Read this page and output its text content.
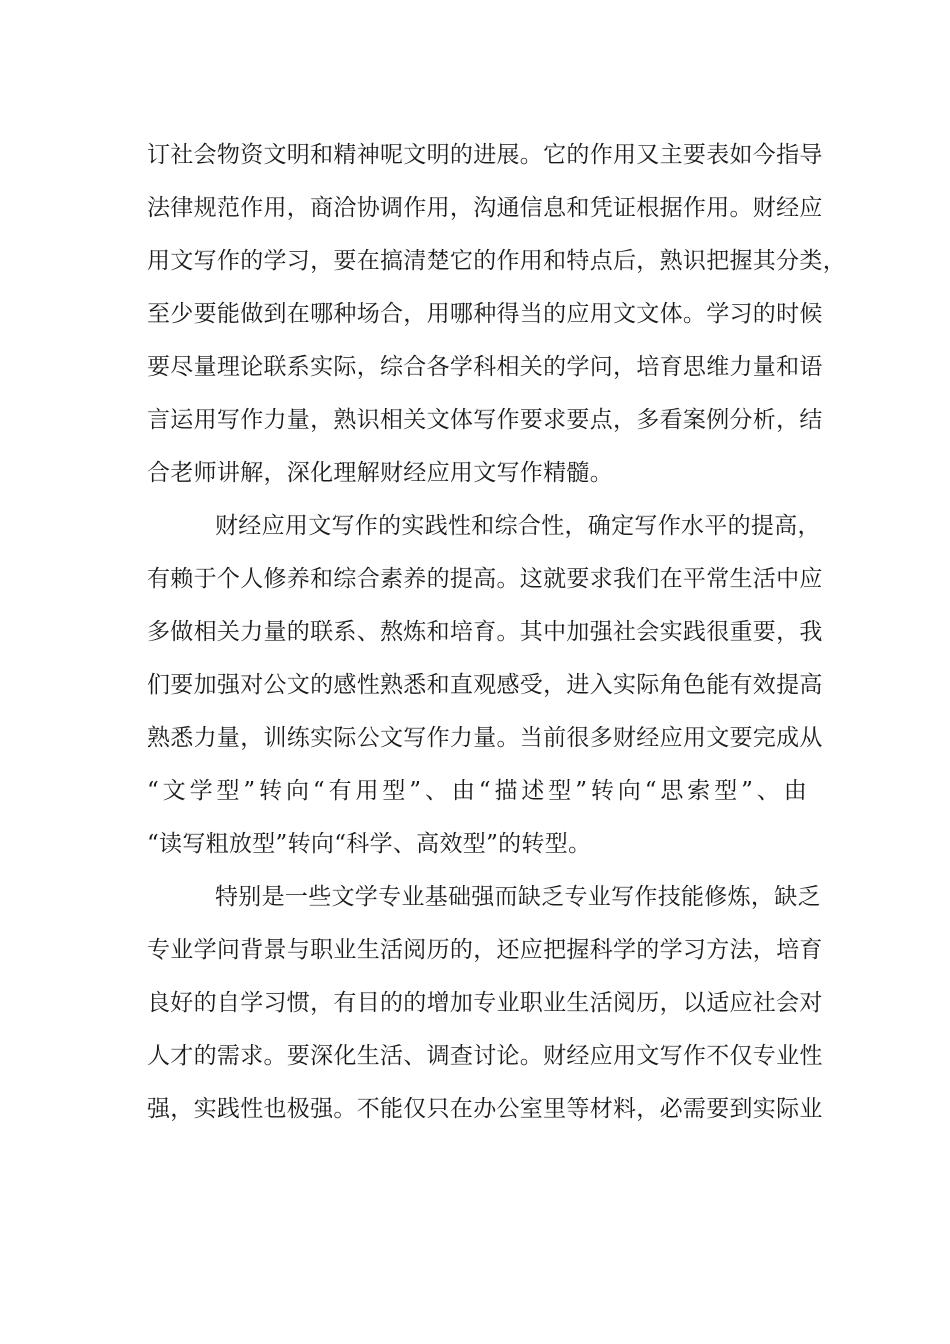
订社会物资文明和精神呢文明的进展。它的作用又主要表如今指导
法律规范作用，商洽协调作用，沟通信息和凭证根据作用。财经应
用文写作的学习，要在搞清楚它的作用和特点后，熟识把握其分类，
至少要能做到在哪种场合，用哪种得当的应用文文体。学习的时候
要尽量理论联系实际，综合各学科相关的学问，培育思维力量和语
言运用写作力量，熟识相关文体写作要求要点，多看案例分析，结
合老师讲解，深化理解财经应用文写作精髓。
财经应用文写作的实践性和综合性，确定写作水平的提高，
有赖于个人修养和综合素养的提高。这就要求我们在平常生活中应
多做相关力量的联系、熬炼和培育。其中加强社会实践很重要，我
们要加强对公文的感性熟悉和直观感受，进入实际角色能有效提高
熟悉力量，训练实际公文写作力量。当前很多财经应用文要完成从
“文学型”转向“有用型”、由“描述型”转向“思索型”、由
“读写粗放型”转向“科学、高效型”的转型。
特别是一些文学专业基础强而缺乏专业写作技能修炼，缺乏
专业学问背景与职业生活阅历的，还应把握科学的学习方法，培育
良好的自学习惯，有目的的增加专业职业生活阅历，以适应社会对
人才的需求。要深化生活、调查讨论。财经应用文写作不仅专业性
强，实践性也极强。不能仅只在办公室里等材料，必需要到实际业
